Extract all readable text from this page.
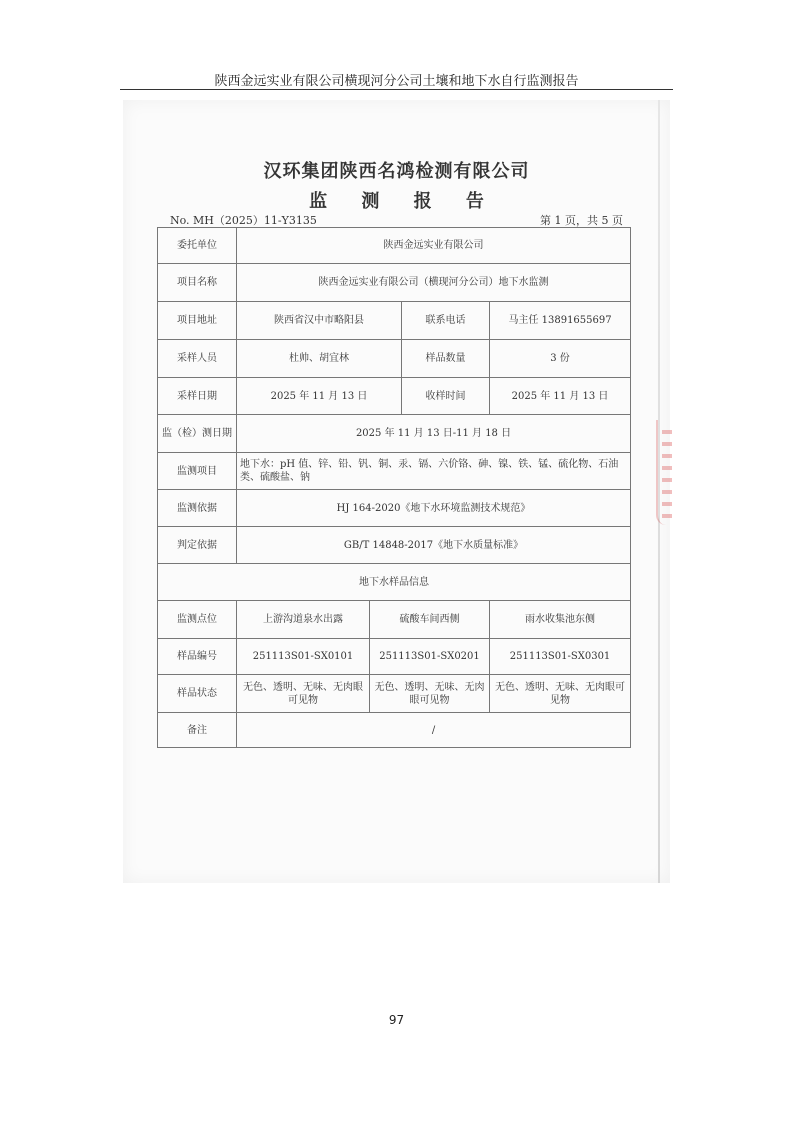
陕西金远实业有限公司横现河分公司土壤和地下水自行监测报告
汉环集团陕西名鸿检测有限公司
监 测 报 告
No. MH（2025）11-Y3135	第 1 页，共 5 页
委托单位	陕西金远实业有限公司			
项目名称	陕西金远实业有限公司（横现河分公司）地下水监测			
项目地址	陕西省汉中市略阳县		联系电话	马主任 13891655697
采样人员	杜帅、胡宜林		样品数量	3 份
采样日期	2025 年 11 月 13 日		收样时间	2025 年 11 月 13 日
监（检）测日期	2025 年 11 月 13 日-11 月 18 日			
监测项目	地下水：pH 值、锌、铅、钒、铜、汞、镉、六价铬、砷、镍、铁、锰、硫化物、石油类、硫酸盐、钠			
监测依据	HJ 164-2020《地下水环境监测技术规范》			
判定依据	GB/T 14848-2017《地下水质量标准》			
地下水样品信息				
监测点位	上游沟道泉水出露	硫酸车间西侧		雨水收集池东侧
样品编号	251113S01-SX0101	251113S01-SX0201		251113S01-SX0301
样品状态	无色、透明、无味、无肉眼可见物	无色、透明、无味、无肉眼可见物		无色、透明、无味、无肉眼可见物
备注	/			
97
